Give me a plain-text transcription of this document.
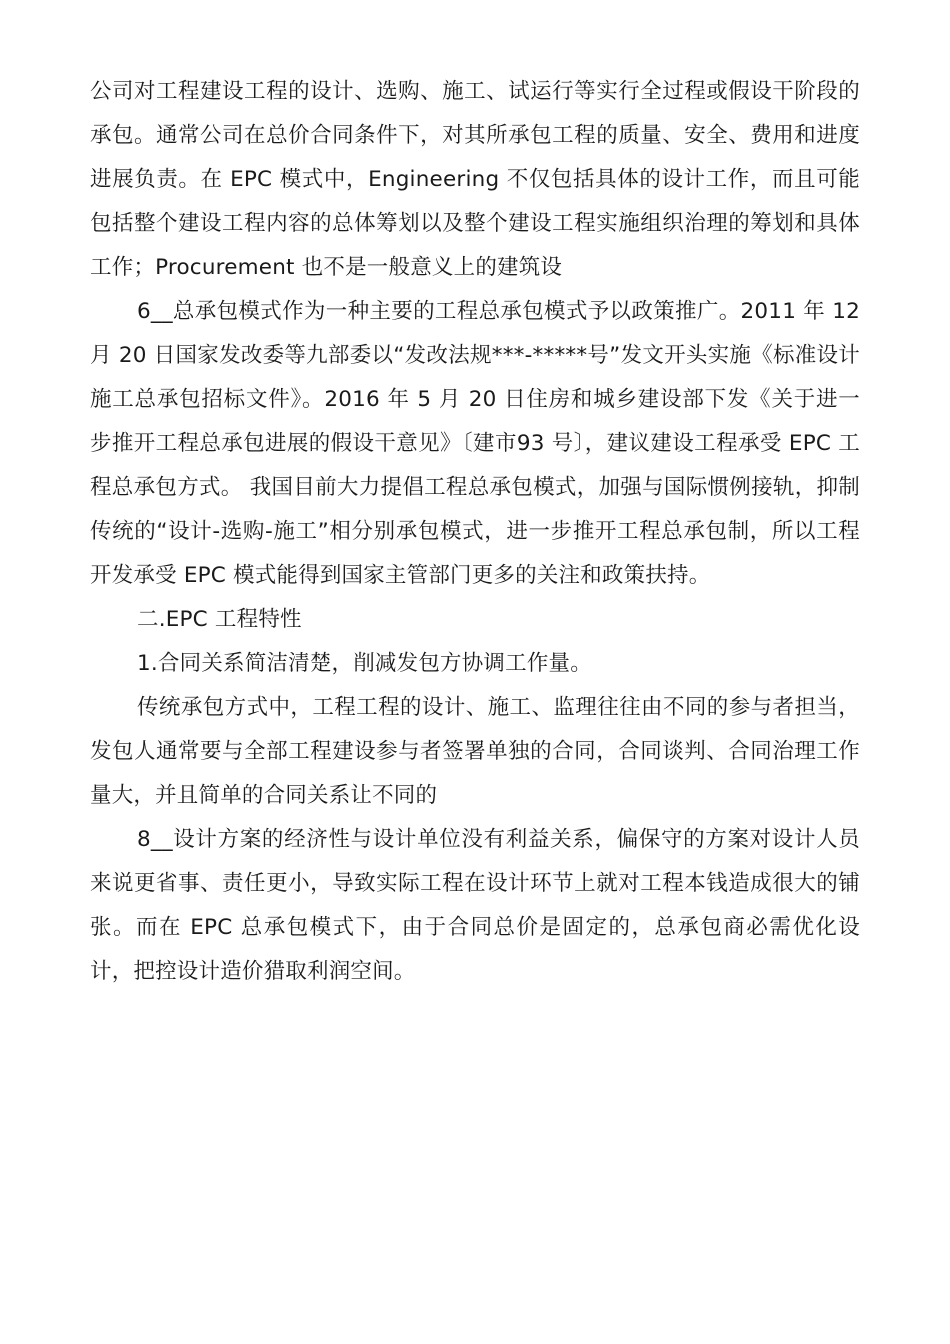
公司对工程建设工程的设计、选购、施工、试运行等实行全过程或假设干阶段的承包。通常公司在总价合同条件下，对其所承包工程的质量、安全、费用和进度进展负责。在 EPC 模式中，Engineering 不仅包括具体的设计工作，而且可能包括整个建设工程内容的总体筹划以及整个建设工程实施组织治理的筹划和具体工作；Procurement 也不是一般意义上的建筑设

6__总承包模式作为一种主要的工程总承包模式予以政策推广。2011 年 12 月 20 日国家发改委等九部委以“发改法规***-*****号”发文开头实施《标准设计施工总承包招标文件》。2016 年 5 月 20 日住房和城乡建设部下发《关于进一步推开工程总承包进展的假设干意见》〔建市93 号〕，建议建设工程承受 EPC 工程总承包方式。 我国目前大力提倡工程总承包模式，加强与国际惯例接轨，抑制传统的“设计-选购-施工”相分别承包模式，进一步推开工程总承包制，所以工程开发承受 EPC 模式能得到国家主管部门更多的关注和政策扶持。

二.EPC 工程特性

1.合同关系简洁清楚，削减发包方协调工作量。

传统承包方式中，工程工程的设计、施工、监理往往由不同的参与者担当，发包人通常要与全部工程建设参与者签署单独的合同，合同谈判、合同治理工作量大，并且简单的合同关系让不同的

8__设计方案的经济性与设计单位没有利益关系，偏保守的方案对设计人员来说更省事、责任更小，导致实际工程在设计环节上就对工程本钱造成很大的铺张。而在 EPC 总承包模式下，由于合同总价是固定的，总承包商必需优化设计，把控设计造价猎取利润空间。
